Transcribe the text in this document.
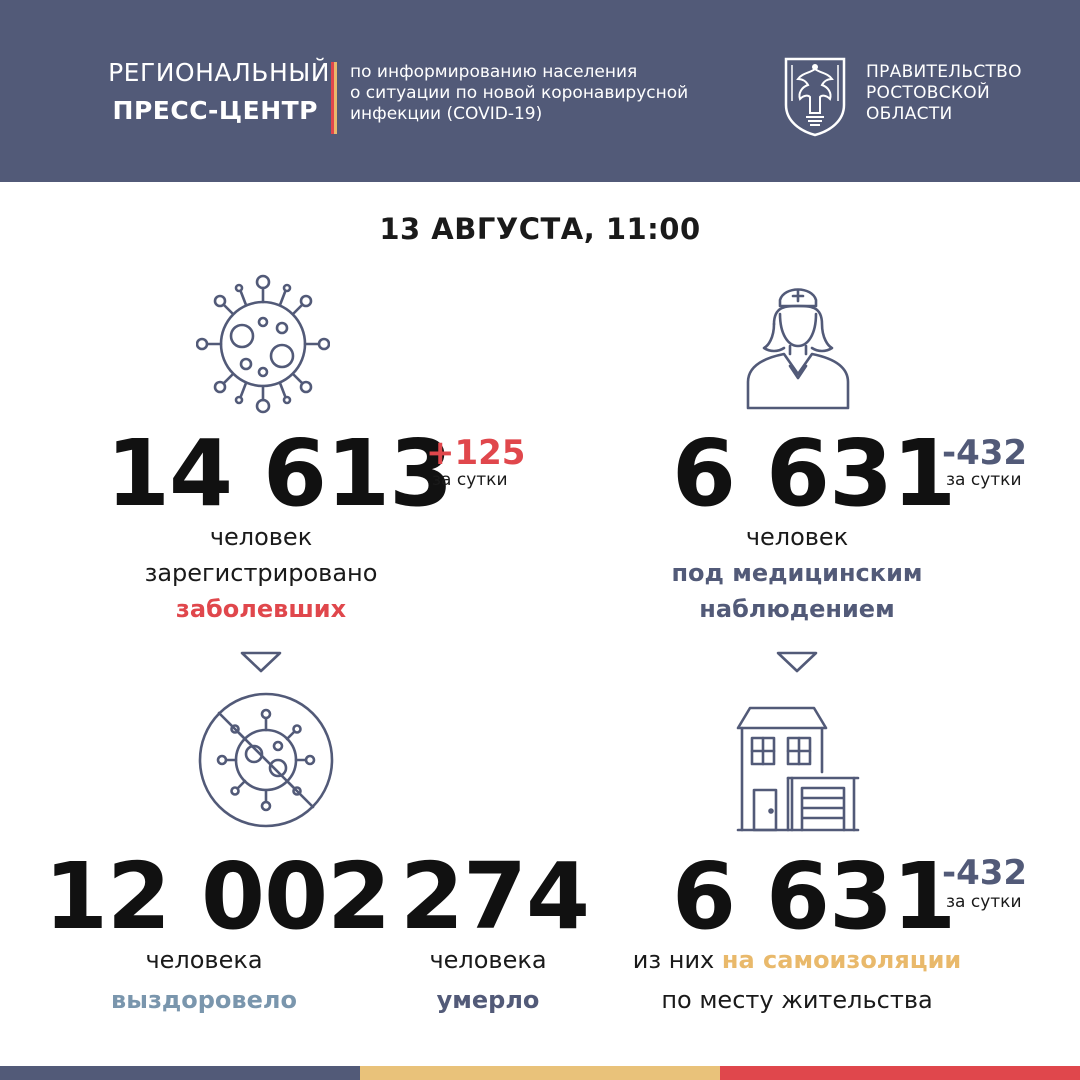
РЕГИОНАЛЬНЫЙ
ПРЕСС-ЦЕНТР
по информированию населения
о ситуации по новой коронавирусной
инфекции (COVID-19)
ПРАВИТЕЛЬСТВО
РОСТОВСКОЙ
ОБЛАСТИ
13 АВГУСТА, 11:00
14 613
+125
за сутки
человек
зарегистрировано
заболевших
6 631
-432
за сутки
человек
под медицинским
наблюдением
12 002
человека
выздоровело
274
человека
умерло
6 631
-432
за сутки
из них на самоизоляции
по месту жительства
